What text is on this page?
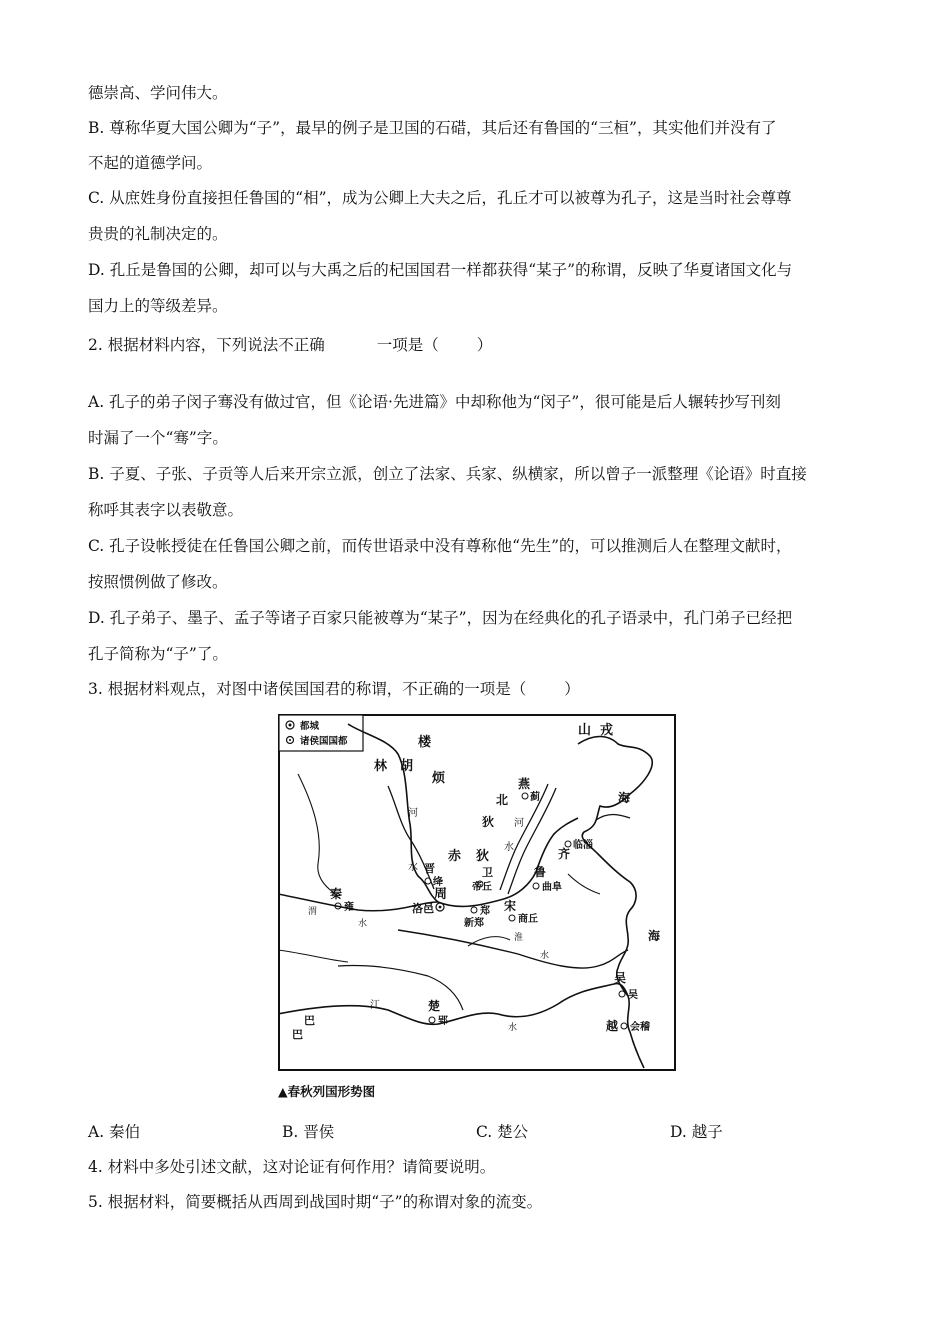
德崇高、学问伟大。
B. 尊称华夏大国公卿为“子”，最早的例子是卫国的石碏，其后还有鲁国的“三桓”，其实他们并没有了
不起的道德学问。
C. 从庶姓身份直接担任鲁国的“相”，成为公卿上大夫之后，孔丘才可以被尊为孔子，这是当时社会尊尊
贵贵的礼制决定的。
D. 孔丘是鲁国的公卿，却可以与大禹之后的杞国国君一样都获得“某子”的称谓，反映了华夏诸国文化与
国力上的等级差异。
2. 根据材料内容，下列说法不正确	一项是（ ）
A. 孔子的弟子闵子骞没有做过官，但《论语·先进篇》中却称他为“闵子”，很可能是后人辗转抄写刊刻
时漏了一个“骞”字。
B. 子夏、子张、子贡等人后来开宗立派，创立了法家、兵家、纵横家，所以曾子一派整理《论语》时直接
称呼其表字以表敬意。
C. 孔子设帐授徒在任鲁国公卿之前，而传世语录中没有尊称他“先生”的，可以推测后人在整理文献时，
按照惯例做了修改。
D. 孔子弟子、墨子、孟子等诸子百家只能被尊为“某子”，因为在经典化的孔子语录中，孔门弟子已经把
孔子简称为“子”了。
3. 根据材料观点，对图中诸侯国国君的称谓，不正确的一项是（ ）
都城
诸侯国国都	楼
烦
林 胡
山 戎
燕
蓟
北
狄
海
海
河
水
河
水
赤 狄
晋
绛
周
洛邑
卫
帝丘
齐
临淄
鲁
曲阜
宋
商丘
郑
新郑
秦
雍
渭
水
淮
水
吴
吴
越 会稽
巴
巴
江	楚
郢
水
▲春秋列国形势图
A. 秦伯	B. 晋侯	C. 楚公	D. 越子
4. 材料中多处引述文献，这对论证有何作用？请简要说明。
5. 根据材料，简要概括从西周到战国时期“子”的称谓对象的流变。
